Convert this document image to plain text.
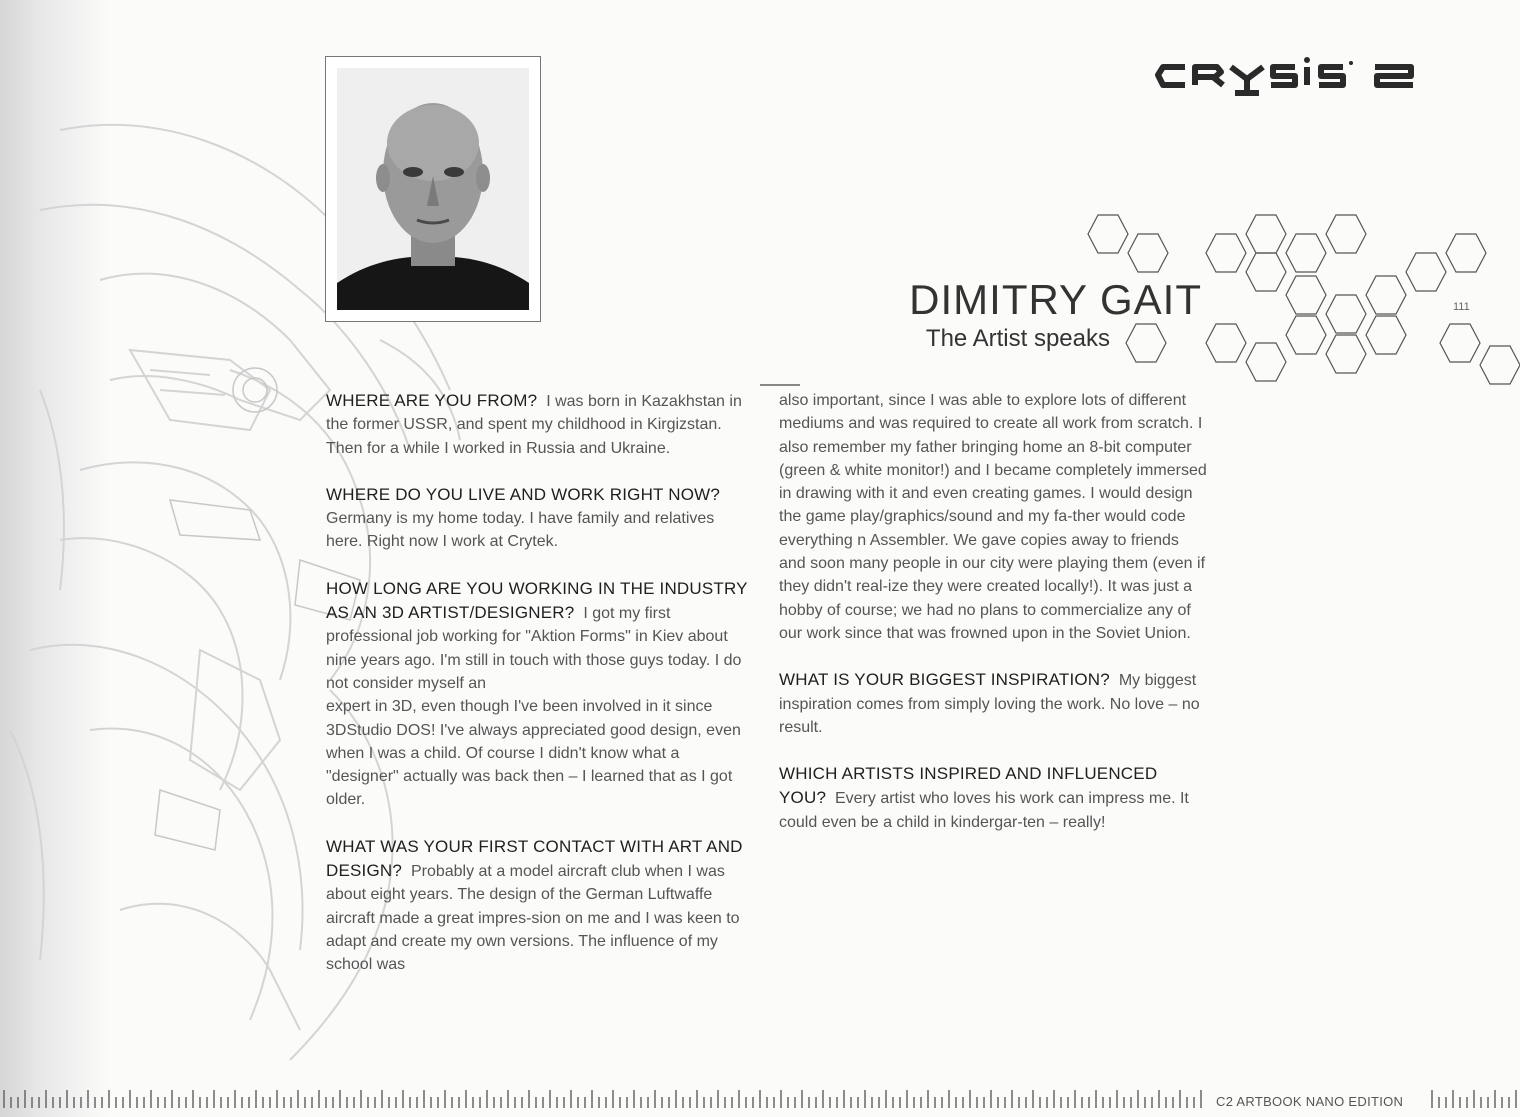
DIMITRY GAIT
The Artist speaks
111

WHERE ARE YOU FROM? I was born in Kazakhstan in the former USSR, and spent my childhood in Kirgizstan. Then for a while I worked in Russia and Ukraine.

WHERE DO YOU LIVE AND WORK RIGHT NOW?  Germany is my home today. I have family and relatives here. Right now I work at Crytek.

HOW LONG ARE YOU WORKING IN THE INDUSTRY AS AN 3D ARTIST/DESIGNER? I got my first professional job working for "Aktion Forms" in Kiev about nine years ago. I'm still in touch with those guys today. I do not consider myself an
expert in 3D, even though I've been involved in it since 3DStudio DOS! I've always appreciated good design, even when I was a child. Of course I didn't know what a "designer" actually was back then – I learned that as I got older.

WHAT WAS YOUR FIRST CONTACT WITH ART AND DESIGN? Probably at a model aircraft club when I was about eight years. The design of the German Luftwaffe aircraft made a great impres-sion on me and I was keen to adapt and create my own versions. The influence of my school was

also important, since I was able to explore lots of different mediums and was required to create all work from scratch. I also remember my father bringing home an 8-bit computer (green & white monitor!) and I became completely immersed in drawing with it and even creating games. I would design the game play/graphics/sound and my fa-ther would code everything n Assembler. We gave copies away to friends and soon many people in our city were playing them (even if they didn't real-ize they were created locally!). It was just a hobby of course; we had no plans to commercialize any of our work since that was frowned upon in the Soviet Union.

WHAT IS YOUR BIGGEST INSPIRATION? My biggest inspiration comes from simply loving the work. No love – no result.

WHICH ARTISTS INSPIRED AND INFLUENCED YOU? Every artist who loves his work can impress me. It could even be a child in kindergar-ten – really!

C2 ARTBOOK NANO EDITION
